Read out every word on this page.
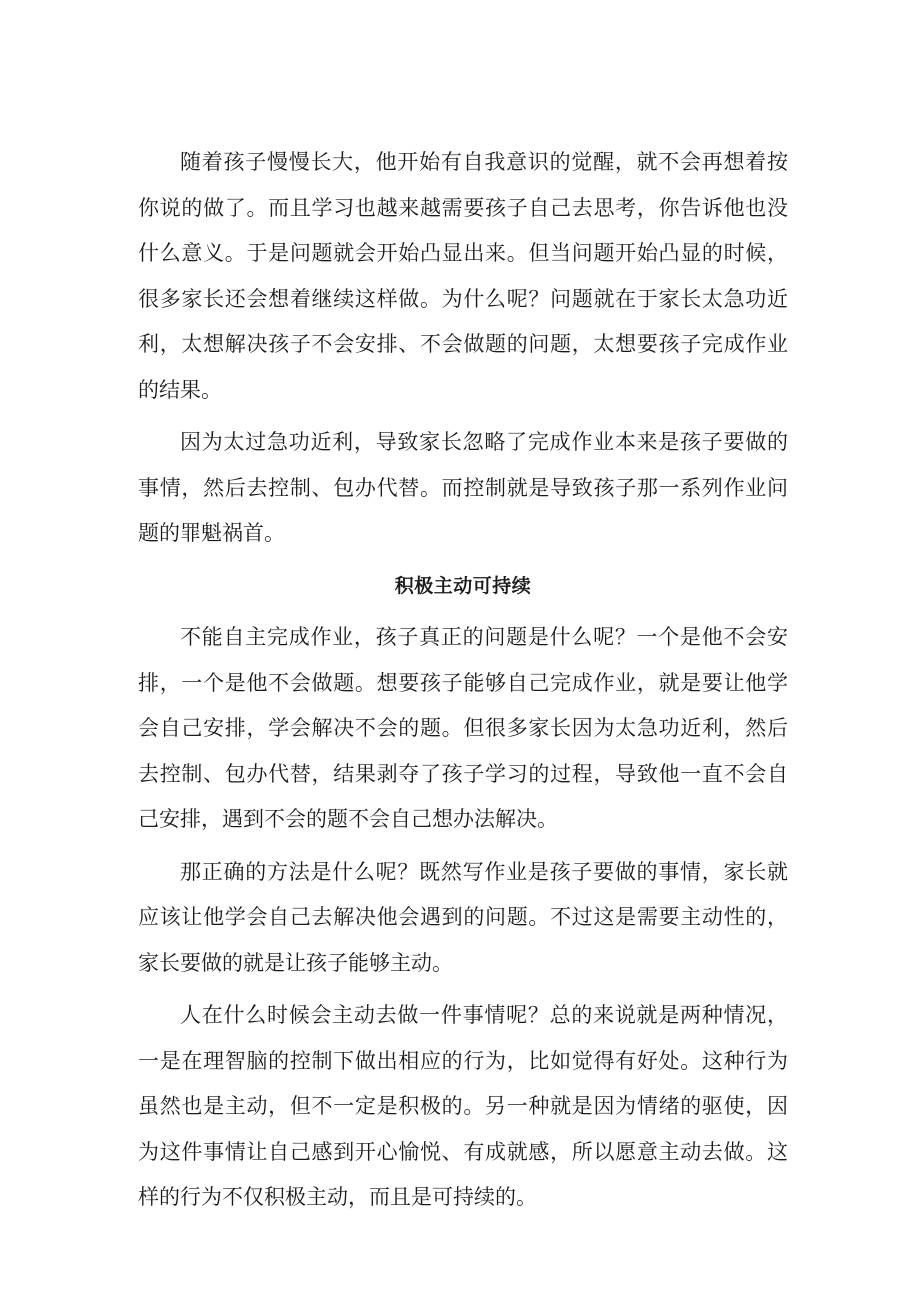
随着孩子慢慢长大，他开始有自我意识的觉醒，就不会再想着按你说的做了。而且学习也越来越需要孩子自己去思考，你告诉他也没什么意义。于是问题就会开始凸显出来。但当问题开始凸显的时候，很多家长还会想着继续这样做。为什么呢？问题就在于家长太急功近利，太想解决孩子不会安排、不会做题的问题，太想要孩子完成作业的结果。

因为太过急功近利，导致家长忽略了完成作业本来是孩子要做的事情，然后去控制、包办代替。而控制就是导致孩子那一系列作业问题的罪魁祸首。

积极主动可持续

不能自主完成作业，孩子真正的问题是什么呢？一个是他不会安排，一个是他不会做题。想要孩子能够自己完成作业，就是要让他学会自己安排，学会解决不会的题。但很多家长因为太急功近利，然后去控制、包办代替，结果剥夺了孩子学习的过程，导致他一直不会自己安排，遇到不会的题不会自己想办法解决。

那正确的方法是什么呢？既然写作业是孩子要做的事情，家长就应该让他学会自己去解决他会遇到的问题。不过这是需要主动性的，家长要做的就是让孩子能够主动。

人在什么时候会主动去做一件事情呢？总的来说就是两种情况，一是在理智脑的控制下做出相应的行为，比如觉得有好处。这种行为虽然也是主动，但不一定是积极的。另一种就是因为情绪的驱使，因为这件事情让自己感到开心愉悦、有成就感，所以愿意主动去做。这样的行为不仅积极主动，而且是可持续的。
